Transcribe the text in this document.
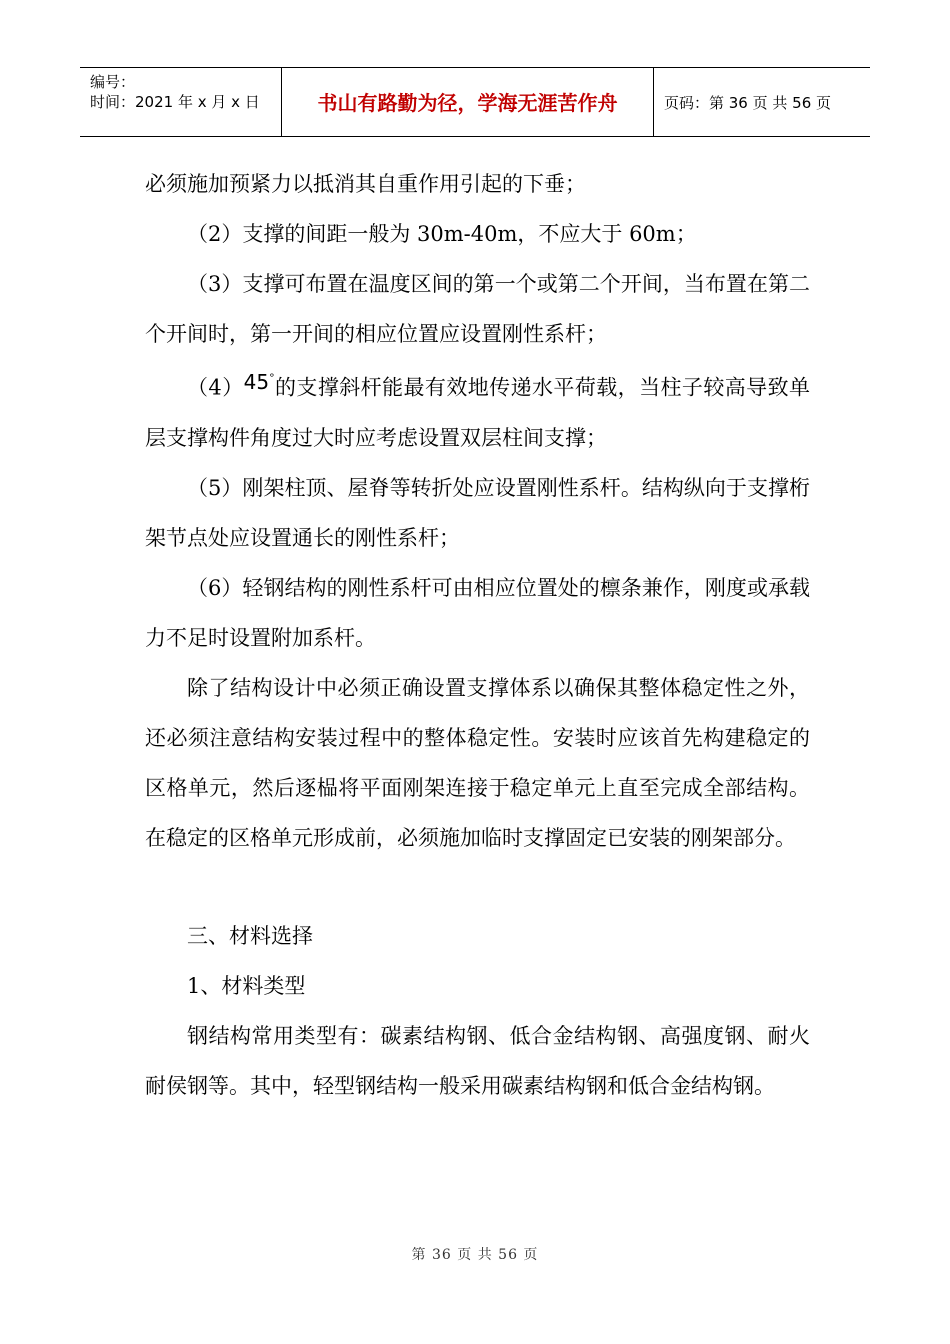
编号：
时间：2021 年 x 月 x 日	书山有路勤为径，学海无涯苦作舟	页码：第 36 页 共 56 页

必须施加预紧力以抵消其自重作用引起的下垂；

（2）支撑的间距一般为 30m-40m，不应大于 60m；

（3）支撑可布置在温度区间的第一个或第二个开间，当布置在第二个开间时，第一开间的相应位置应设置刚性系杆；

（4）45°的支撑斜杆能最有效地传递水平荷载，当柱子较高导致单层支撑构件角度过大时应考虑设置双层柱间支撑；

（5）刚架柱顶、屋脊等转折处应设置刚性系杆。结构纵向于支撑桁架节点处应设置通长的刚性系杆；

（6）轻钢结构的刚性系杆可由相应位置处的檩条兼作，刚度或承载力不足时设置附加系杆。

除了结构设计中必须正确设置支撑体系以确保其整体稳定性之外，还必须注意结构安装过程中的整体稳定性。安装时应该首先构建稳定的区格单元，然后逐榀将平面刚架连接于稳定单元上直至完成全部结构。在稳定的区格单元形成前，必须施加临时支撑固定已安装的刚架部分。

三、材料选择

1、材料类型

钢结构常用类型有：碳素结构钢、低合金结构钢、高强度钢、耐火耐侯钢等。其中，轻型钢结构一般采用碳素结构钢和低合金结构钢。

第 36 页 共 56 页
